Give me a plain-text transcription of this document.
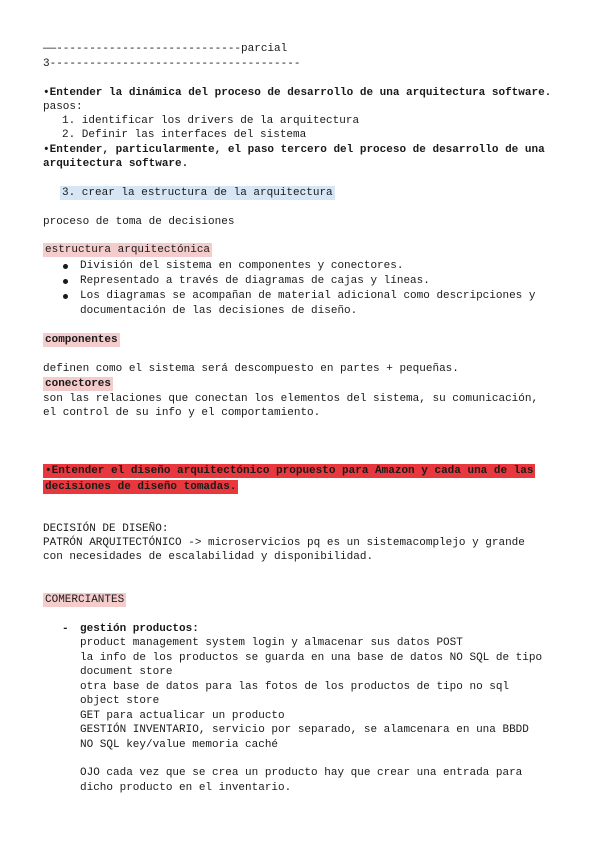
——----------------------------parcial
3--------------------------------------
•Entender la dinámica del proceso de desarrollo de una arquitectura software.
pasos:
1. identificar los drivers de la arquitectura
2. Definir las interfaces del sistema
•Entender, particularmente, el paso tercero del proceso de desarrollo de una
arquitectura software.
3. crear la estructura de la arquitectura
proceso de toma de decisiones
estructura arquitectónica
División del sistema en componentes y conectores.
Representado a través de diagramas de cajas y líneas.
Los diagramas se acompañan de material adicional como descripciones y
documentación de las decisiones de diseño.
componentes
definen como el sistema será descompuesto en partes + pequeñas.
conectores
son las relaciones que conectan los elementos del sistema, su comunicación,
el control de su info y el comportamiento.
•Entender el diseño arquitectónico propuesto para Amazon y cada una de las
decisiones de diseño tomadas.
DECISIÓN DE DISEÑO:
PATRÓN ARQUITECTÓNICO -> microservicios pq es un sistemacomplejo y grande
con necesidades de escalabilidad y disponibilidad.
COMERCIANTES
- gestión productos:
product management system login y almacenar sus datos POST
la info de los productos se guarda en una base de datos NO SQL de tipo
document store
otra base de datos para las fotos de los productos de tipo no sql
object store
GET para actualicar un producto
GESTIÓN INVENTARIO, servicio por separado, se alamcenara en una BBDD
NO SQL key/value memoria caché
OJO cada vez que se crea un producto hay que crear una entrada para
dicho producto en el inventario.
